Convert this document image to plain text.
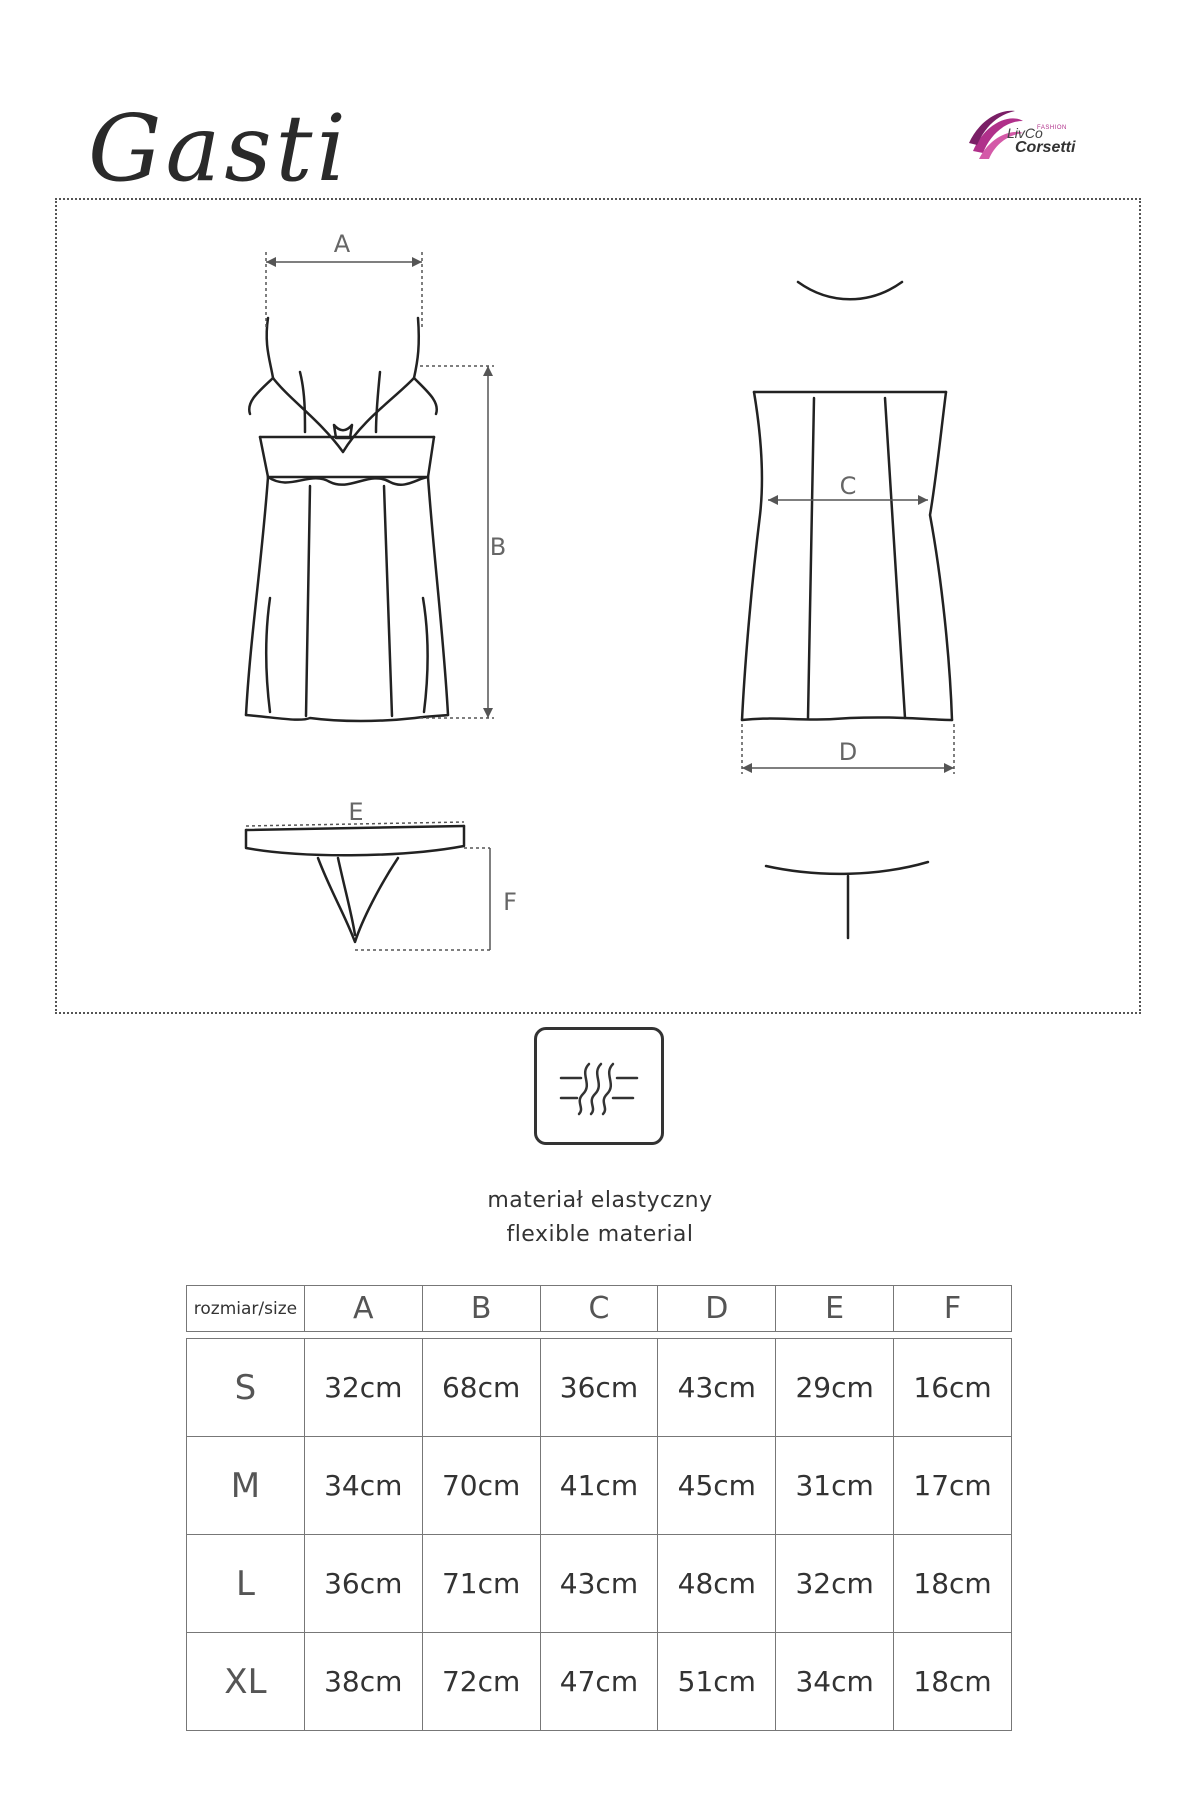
Gasti	LivCo
FASHION
Corsetti
A
B
C
D
E
F
materiał elastyczny
flexible material
rozmiar/size	A	B	C	D	E	F
S	32cm	68cm	36cm	43cm	29cm	16cm
M	34cm	70cm	41cm	45cm	31cm	17cm
L	36cm	71cm	43cm	48cm	32cm	18cm
XL	38cm	72cm	47cm	51cm	34cm	18cm
